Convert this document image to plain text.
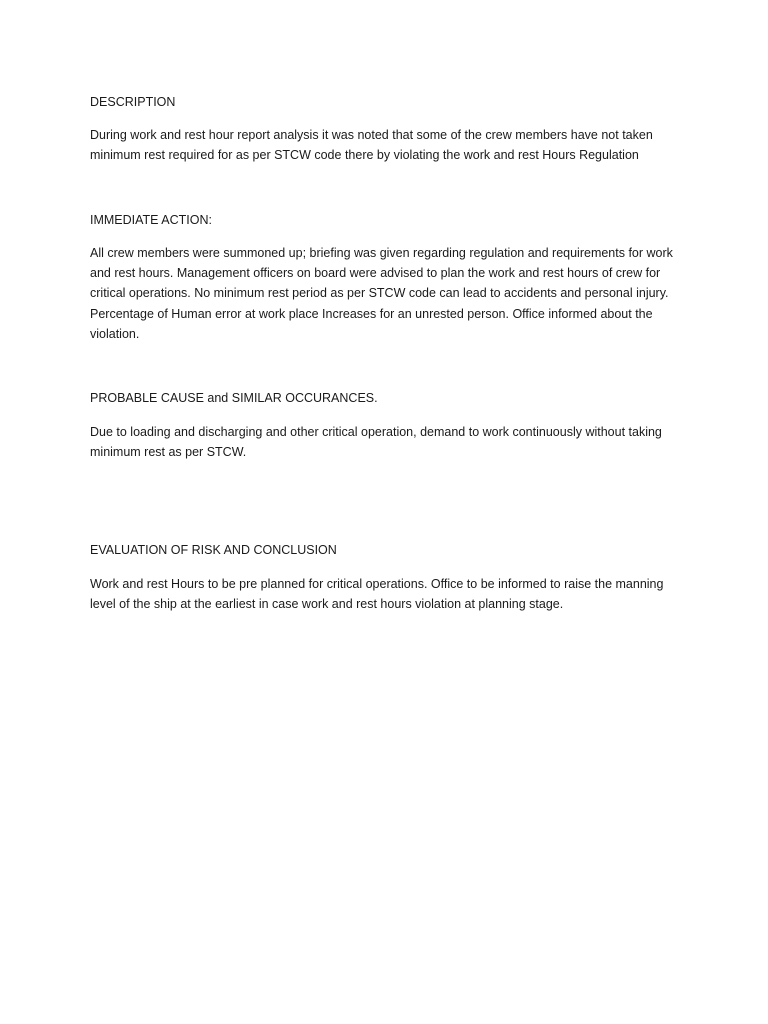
DESCRIPTION
During work and rest hour report analysis it was noted that some of the crew members have not taken minimum rest required for as per STCW code there by violating the work and rest Hours Regulation
IMMEDIATE ACTION:
All crew members were summoned up; briefing was given regarding regulation and requirements for work and rest hours. Management officers on board were advised to plan the work and rest hours of crew for critical operations. No minimum rest period as per STCW code can lead to accidents and personal injury. Percentage of Human error at work place Increases for an unrested person. Office informed about the violation.
PROBABLE CAUSE and SIMILAR OCCURANCES.
Due to loading and discharging and other critical operation, demand to work continuously without taking minimum rest as per STCW.
EVALUATION OF RISK AND CONCLUSION
Work and rest Hours to be pre planned for critical operations. Office to be informed to raise the manning level of the ship at the earliest in case work and rest hours violation at planning stage.
